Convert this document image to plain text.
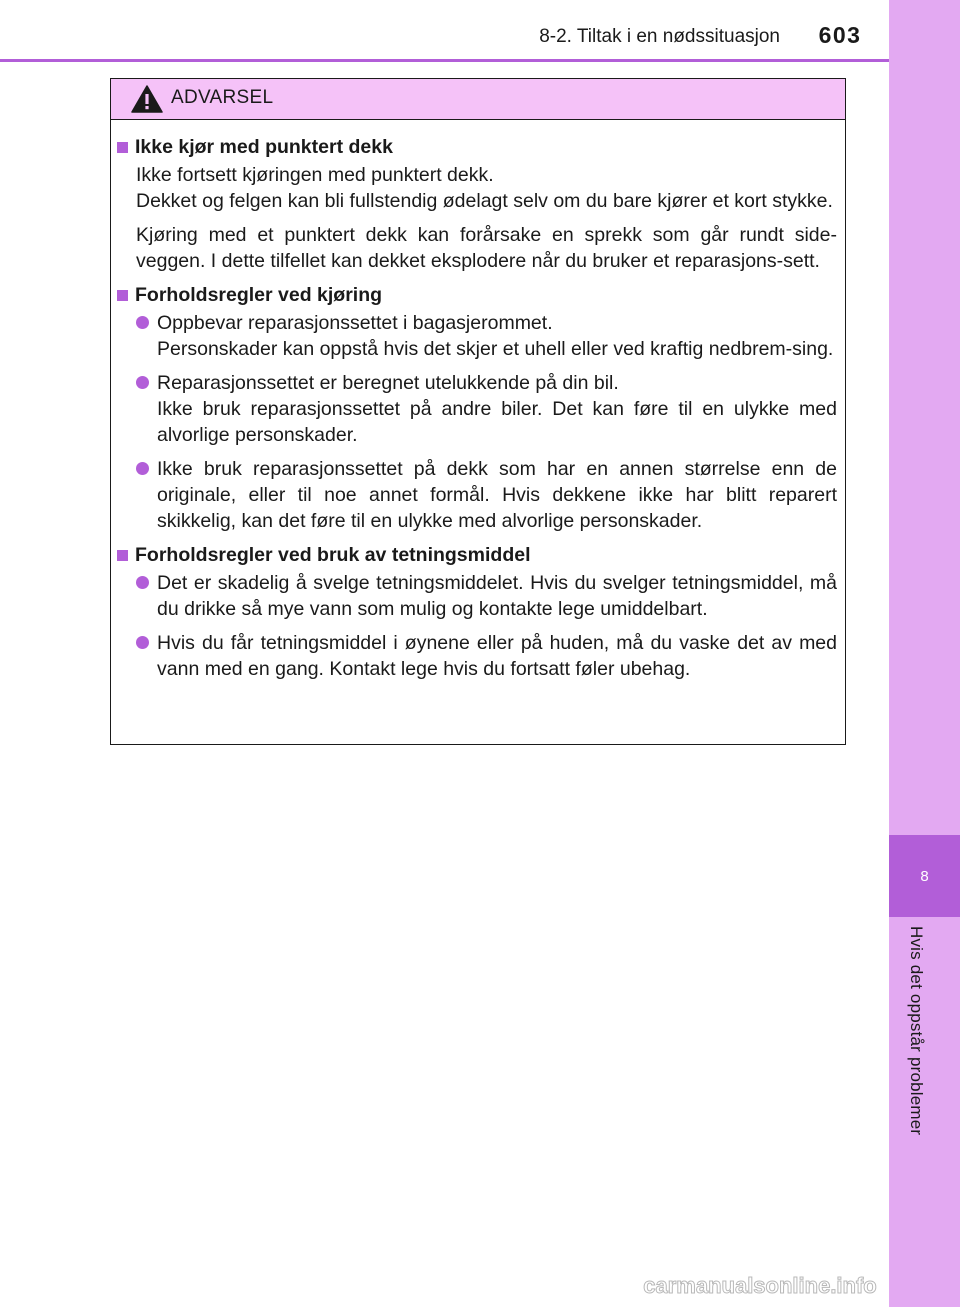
8
Hvis det oppstår problemer
8-2. Tiltak i en nødssituasjon	603
ADVARSEL
Ikke kjør med punktert dekk

Ikke fortsett kjøringen med punktert dekk.
Dekket og felgen kan bli fullstendig ødelagt selv om du bare kjører et kort stykke.

Kjøring med et punktert dekk kan forårsake en sprekk som går rundt side-veggen. I dette tilfellet kan dekket eksplodere når du bruker et reparasjons-sett.

Forholdsregler ved kjøring
Oppbevar reparasjonssettet i bagasjerommet.
Personskader kan oppstå hvis det skjer et uhell eller ved kraftig nedbrem-sing.
Reparasjonssettet er beregnet utelukkende på din bil.
Ikke bruk reparasjonssettet på andre biler. Det kan føre til en ulykke med alvorlige personskader.
Ikke bruk reparasjonssettet på dekk som har en annen størrelse enn de originale, eller til noe annet formål. Hvis dekkene ikke har blitt reparert skikkelig, kan det føre til en ulykke med alvorlige personskader.
Forholdsregler ved bruk av tetningsmiddel
Det er skadelig å svelge tetningsmiddelet. Hvis du svelger tetningsmiddel, må du drikke så mye vann som mulig og kontakte lege umiddelbart.
Hvis du får tetningsmiddel i øynene eller på huden, må du vaske det av med vann med en gang. Kontakt lege hvis du fortsatt føler ubehag.
carmanualsonline.info
